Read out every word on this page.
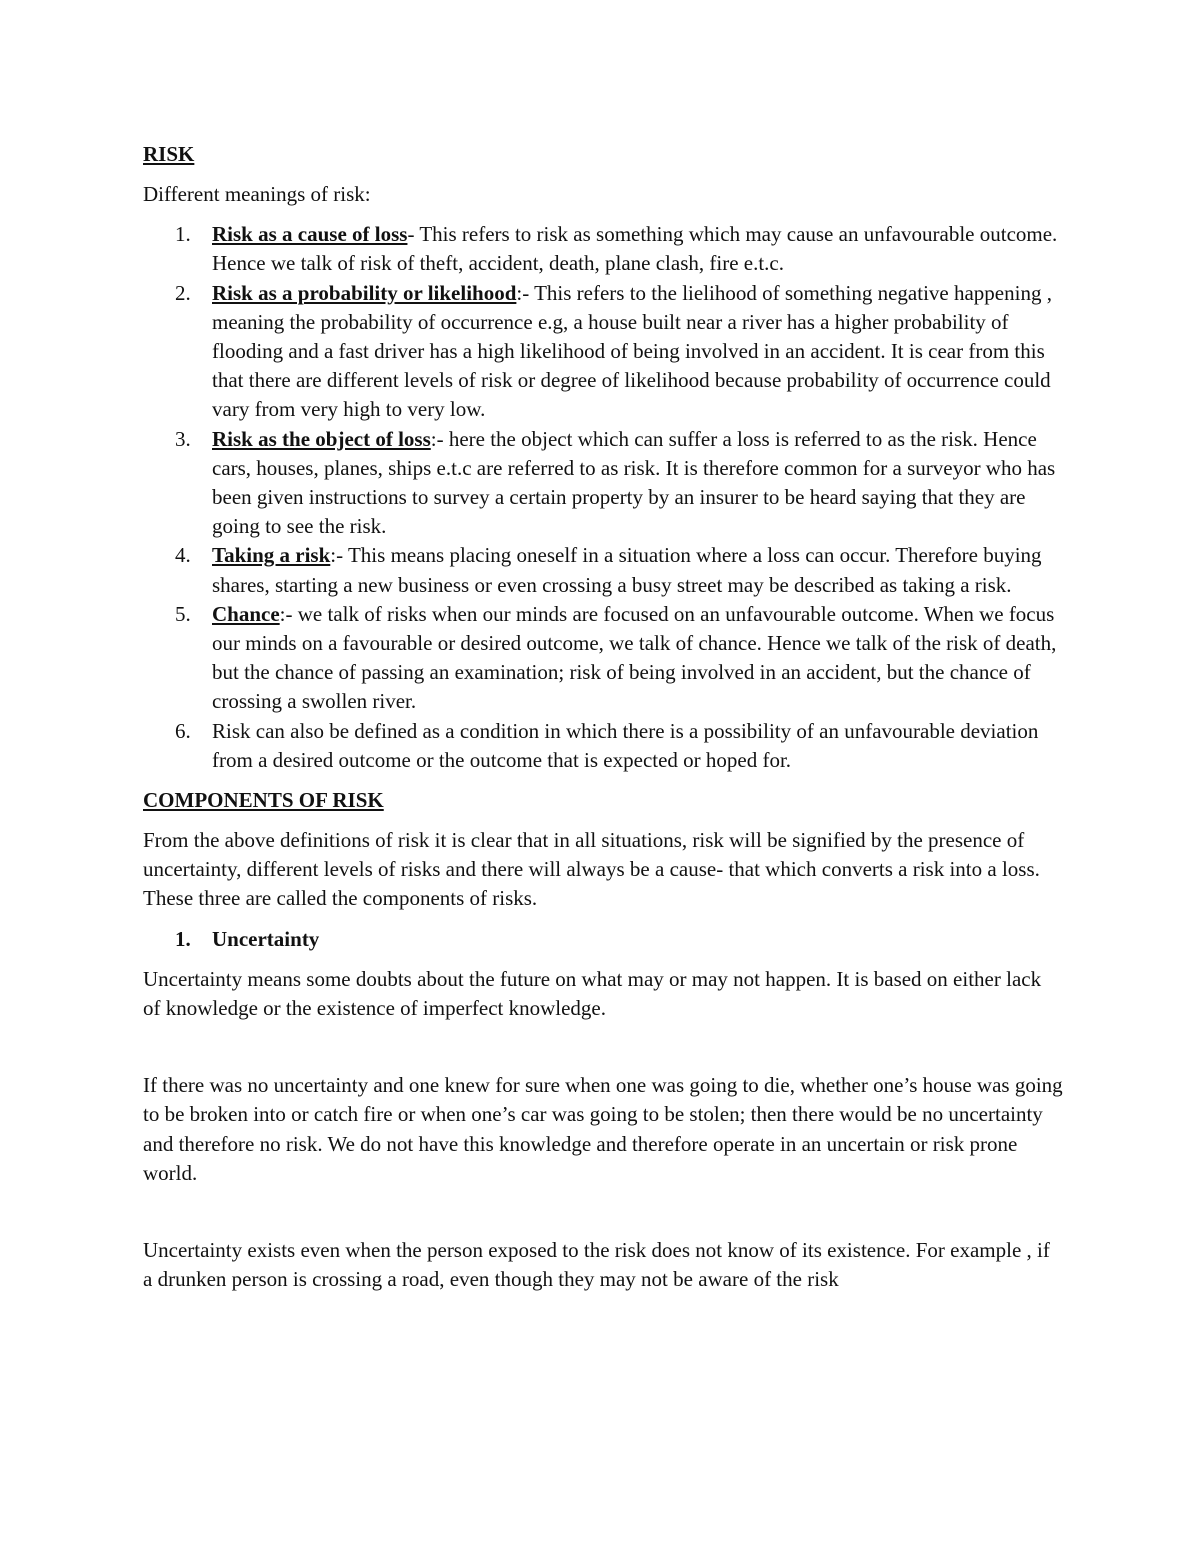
RISK

Different meanings of risk:

1. Risk as a cause of loss- This refers to risk as something which may cause an unfavourable outcome. Hence we talk of risk of theft, accident, death, plane clash, fire e.t.c.
2. Risk as a probability or likelihood:- This refers to the lielihood of something negative happening , meaning the probability of occurrence e.g, a house built near a river has a higher probability of flooding and a fast driver has a high likelihood of being involved in an accident. It is cear from this that there are different levels of risk or degree of likelihood because probability of occurrence could vary from very high to very low.
3. Risk as the object of loss:- here the object which can suffer a loss is referred to as the risk. Hence cars, houses, planes, ships e.t.c are referred to as risk. It is therefore common for a surveyor who has been given instructions to survey a certain property by an insurer to be heard saying that they are going to see the risk.
4. Taking a risk:- This means placing oneself in a situation where a loss can occur. Therefore buying shares, starting a new business or even crossing a busy street may be described as taking a risk.
5. Chance:- we talk of risks when our minds are focused on an unfavourable outcome. When we focus our minds on a favourable or desired outcome, we talk of chance. Hence we talk of the risk of death, but the chance of passing an examination; risk of being involved in an accident, but the chance of crossing a swollen river.
6. Risk can also be defined as a condition in which there is a possibility of an unfavourable deviation from a desired outcome or the outcome that is expected or hoped for.

COMPONENTS OF RISK

From the above definitions of risk it is clear that in all situations, risk will be signified by the presence of uncertainty, different levels of risks and there will always be a cause- that which converts a risk into a loss. These three are called the components of risks.

1. Uncertainty

Uncertainty means some doubts about the future on what may or may not happen. It is based on either lack of knowledge or the existence of imperfect knowledge.

If there was no uncertainty and one knew for sure when one was going to die, whether one’s house was going to be broken into or catch fire or when one’s car was going to be stolen; then there would be no uncertainty and therefore no risk. We do not have this knowledge and therefore operate in an uncertain or risk prone world.

Uncertainty exists even when the person exposed to the risk does not know of its existence. For example , if a drunken person is crossing a road, even though they may not be aware of the risk
